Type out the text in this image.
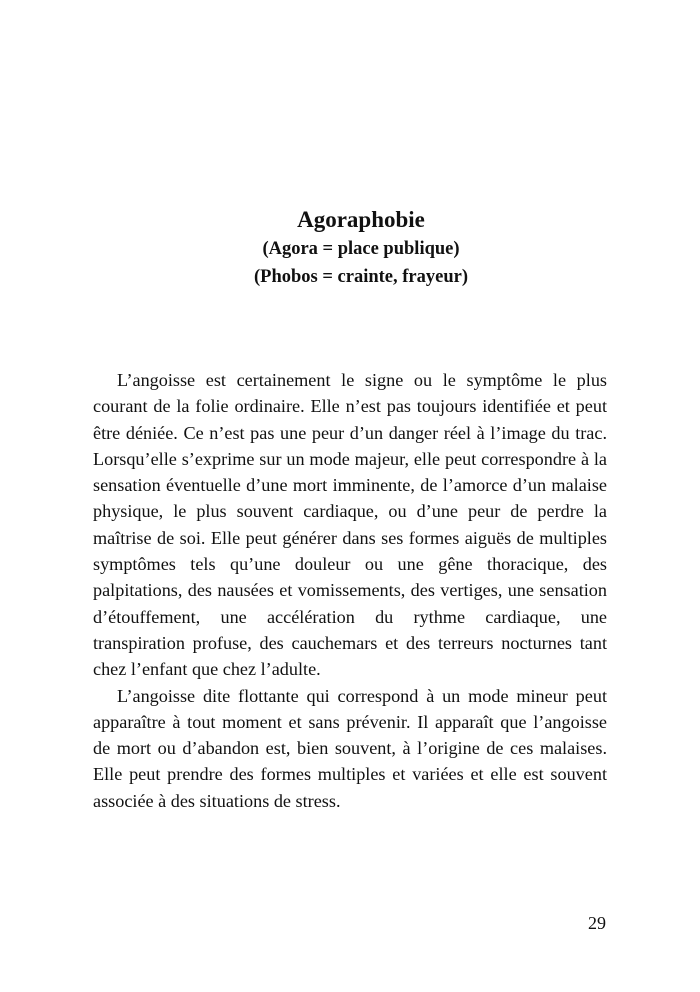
Agoraphobie
(Agora = place publique)
(Phobos = crainte, frayeur)

L’angoisse est certainement le signe ou le symptôme le plus courant de la folie ordinaire. Elle n’est pas toujours identifiée et peut être déniée. Ce n’est pas une peur d’un danger réel à l’image du trac. Lorsqu’elle s’exprime sur un mode majeur, elle peut correspondre à la sensation éventuelle d’une mort imminente, de l’amorce d’un malaise physique, le plus souvent cardiaque, ou d’une peur de perdre la maîtrise de soi. Elle peut générer dans ses formes aiguës de multiples symptômes tels qu’une douleur ou une gêne thoracique, des palpitations, des nausées et vomissements, des vertiges, une sensation d’étouffement, une accélération du rythme cardiaque, une transpiration profuse, des cauchemars et des terreurs nocturnes tant chez l’enfant que chez l’adulte.

L’angoisse dite flottante qui correspond à un mode mineur peut apparaître à tout moment et sans prévenir. Il apparaît que l’angoisse de mort ou d’abandon est, bien souvent, à l’origine de ces malaises. Elle peut prendre des formes multiples et variées et elle est souvent associée à des situations de stress.

29
